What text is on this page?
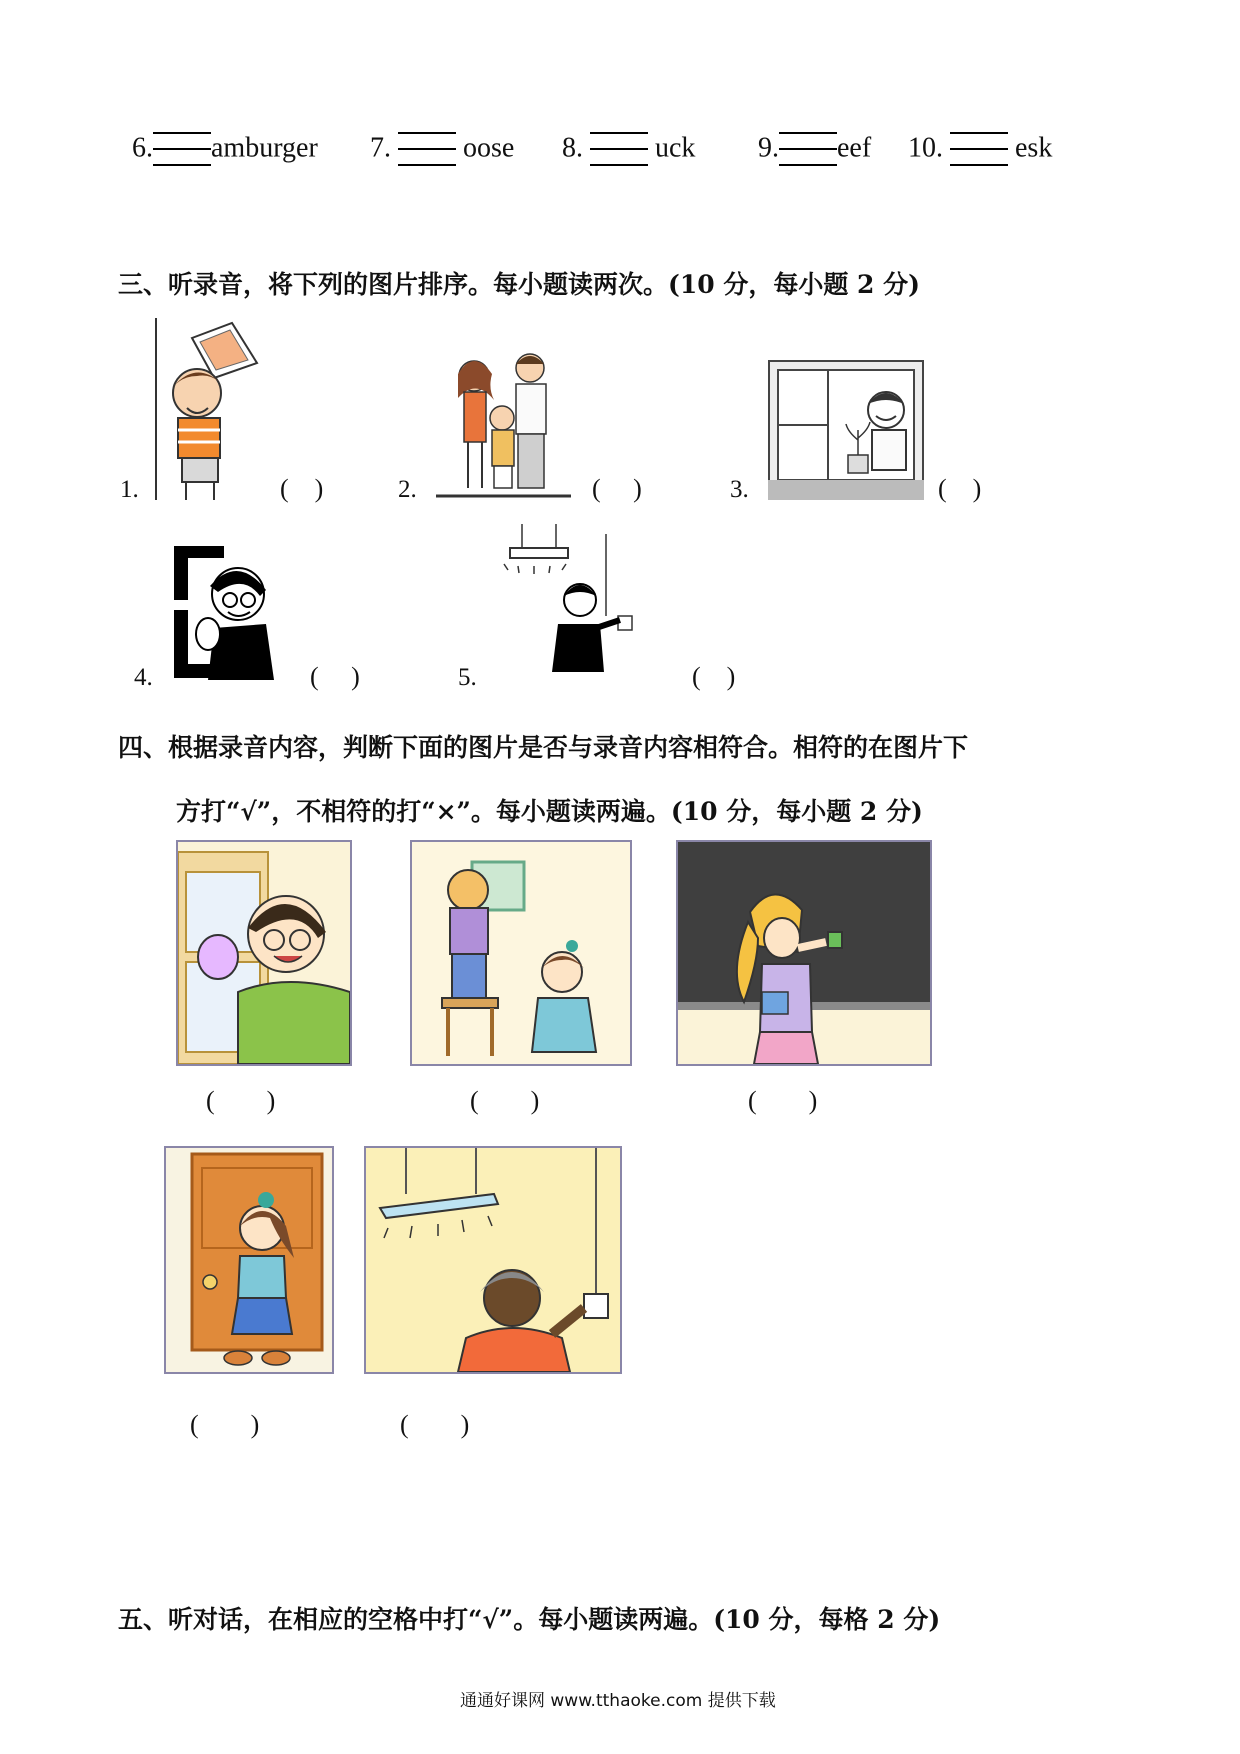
6. amburger 7.	oose 8.	uck 9. eef 10.	esk
三、听录音，将下列的图片排序。每小题读两次。(10 分，每小题 2 分)
1.	(    )	2.	(     )	3.	(    )
4.	(     )	5.	(    )
四、根据录音内容，判断下面的图片是否与录音内容相符合。相符的在图片下
方打“√”，不相符的打“×”。每小题读两遍。(10 分，每小题 2 分)
(        )	(        )	(        )
(        )	(        )
五、听对话，在相应的空格中打“√”。每小题读两遍。(10 分，每格 2 分)
通通好课网 www.tthaoke.com 提供下载
